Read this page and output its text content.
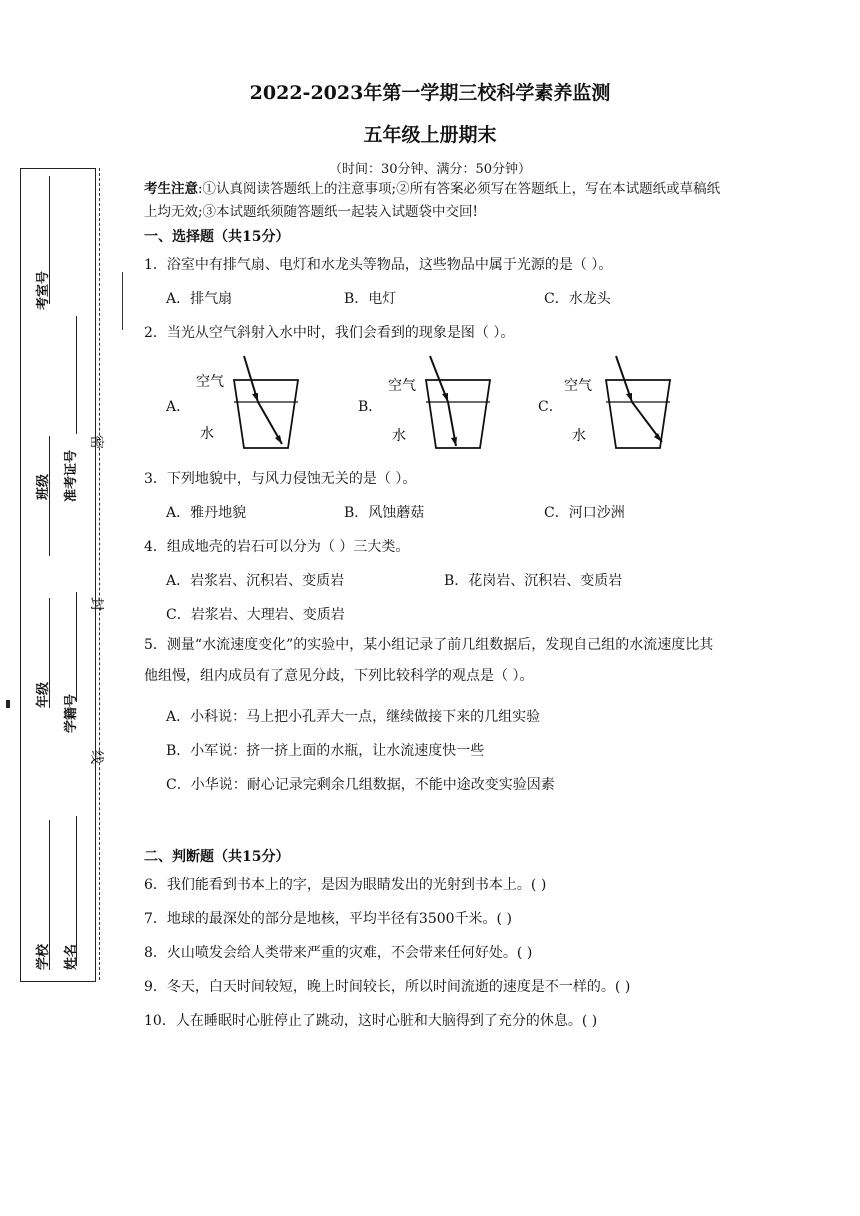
考室号
班级	准考证号
年级	学籍号
学校	姓名
密
封
线
2022-2023年第一学期三校科学素养监测
五年级上册期末
（时间：30分钟、满分：50分钟）
考生注意:①认真阅读答题纸上的注意事项;②所有答案必须写在答题纸上，写在本试题纸或草稿纸上均无效;③本试题纸须随答题纸一起装入试题袋中交回!
一、选择题（共15分）
1．浴室中有排气扇、电灯和水龙头等物品，这些物品中属于光源的是（ ）。
A．排气扇	B．电灯	C．水龙头
2．当光从空气斜射入水中时，我们会看到的现象是图（ ）。
A．	B．	C．
空气
水
空气
水
空气
水
3．下列地貌中，与风力侵蚀无关的是（ ）。
A．雅丹地貌	B．风蚀蘑菇	C．河口沙洲
4．组成地壳的岩石可以分为（ ）三大类。
A．岩浆岩、沉积岩、变质岩	B．花岗岩、沉积岩、变质岩
C．岩浆岩、大理岩、变质岩
5．测量“水流速度变化”的实验中，某小组记录了前几组数据后，发现自己组的水流速度比其他组慢，组内成员有了意见分歧，下列比较科学的观点是（ ）。
A．小科说：马上把小孔弄大一点，继续做接下来的几组实验
B．小军说：挤一挤上面的水瓶，让水流速度快一些
C．小华说：耐心记录完剩余几组数据，不能中途改变实验因素
二、判断题（共15分）
6．我们能看到书本上的字，是因为眼睛发出的光射到书本上。( )
7．地球的最深处的部分是地核，平均半径有3500千米。( )
8．火山喷发会给人类带来严重的灾难，不会带来任何好处。( )
9．冬天，白天时间较短，晚上时间较长，所以时间流逝的速度是不一样的。( )
10．人在睡眠时心脏停止了跳动，这时心脏和大脑得到了充分的休息。( )
